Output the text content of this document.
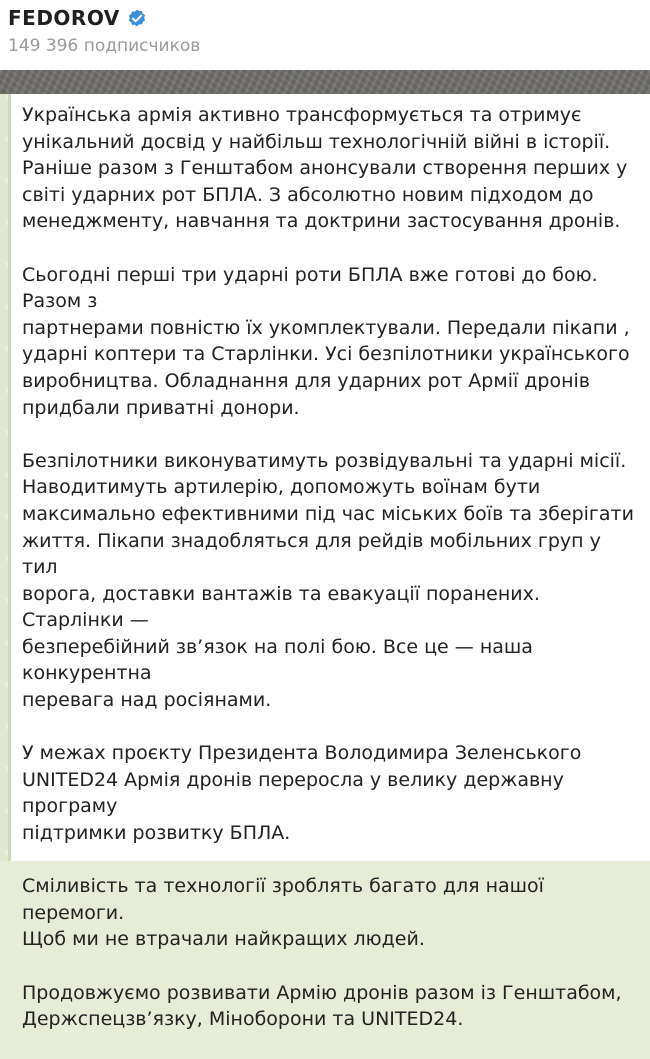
FEDOROV
149 396 подписчиков

Українська армія активно трансформується та отримує
унікальний досвід у найбільш технологічній війні в історії.
Раніше разом з Генштабом анонсували створення перших у
світі ударних рот БПЛА. З абсолютно новим підходом до
менеджменту, навчання та доктрини застосування дронів.

Сьогодні перші три ударні роти БПЛА вже готові до бою. Разом з
партнерами повністю їх укомплектували. Передали пікапи ,
ударні коптери та Старлінки. Усі безпілотники українського
виробництва. Обладнання для ударних рот Армії дронів
придбали приватні донори.

Безпілотники виконуватимуть розвідувальні та ударні місії.
Наводитимуть артилерію, допоможуть воїнам бути
максимально ефективними під час міських боїв та зберігати
життя. Пікапи знадобляться для рейдів мобільних груп у тил
ворога, доставки вантажів та евакуації поранених. Старлінки —
безперебійний зв’язок на полі бою. Все це — наша конкурентна
перевага над росіянами.

У межах проєкту Президента Володимира Зеленського
UNITED24 Армія дронів переросла у велику державну програму
підтримки розвитку БПЛА.

Сміливість та технології зроблять багато для нашої перемоги.
Щоб ми не втрачали найкращих людей.

Продовжуємо розвивати Армію дронів разом із Генштабом,
Держспецзв’язку, Міноборони та UNITED24.
